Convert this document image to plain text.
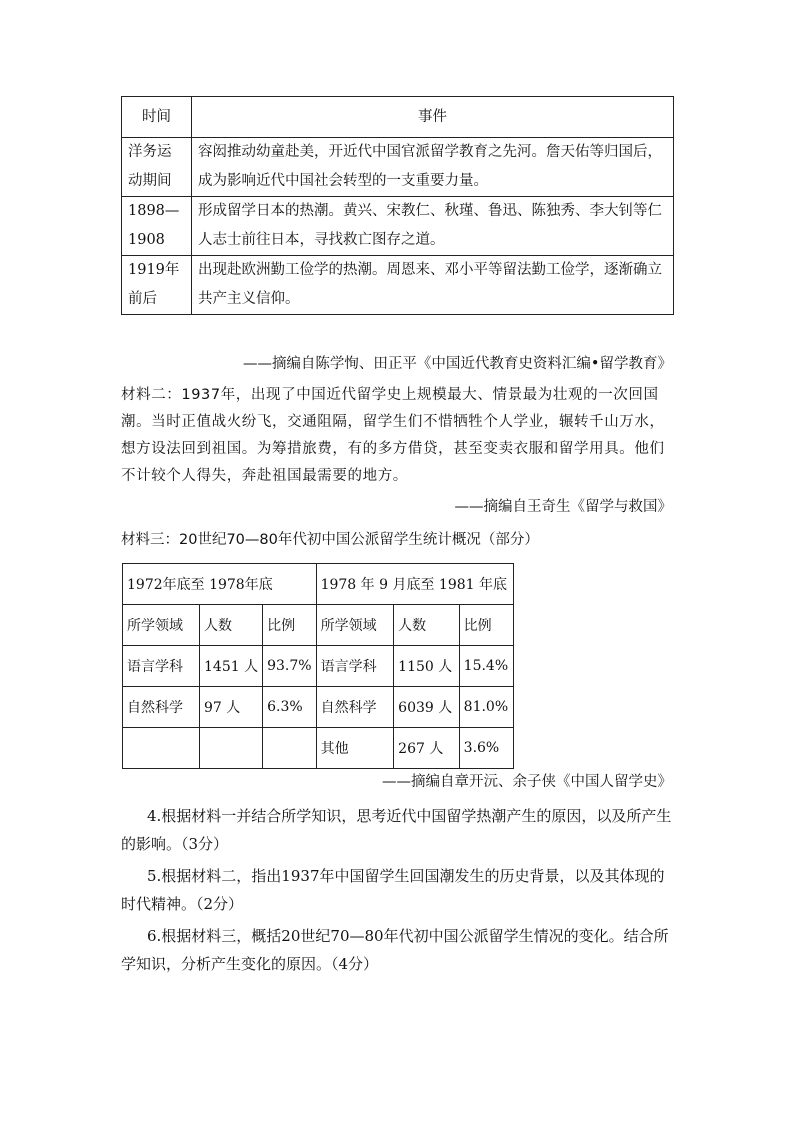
时间	事件
洋务运动期间	容闳推动幼童赴美，开近代中国官派留学教育之先河。詹天佑等归国后，成为影响近代中国社会转型的一支重要力量。
1898—1908	形成留学日本的热潮。黄兴、宋教仁、秋瑾、鲁迅、陈独秀、李大钊等仁人志士前往日本，寻找救亡图存之道。
1919年前后	出现赴欧洲勤工俭学的热潮。周恩来、邓小平等留法勤工俭学，逐渐确立共产主义信仰。
——摘编自陈学恂、田正平《中国近代教育史资料汇编•留学教育》
材料二：1937年，出现了中国近代留学史上规模最大、情景最为壮观的一次回国潮。当时正值战火纷飞，交通阻隔，留学生们不惜牺牲个人学业，辗转千山万水，想方设法回到祖国。为筹措旅费，有的多方借贷，甚至变卖衣服和留学用具。他们不计较个人得失，奔赴祖国最需要的地方。
——摘编自王奇生《留学与救国》
材料三：20世纪70—80年代初中国公派留学生统计概况（部分）
1972年底至 1978年底			1978 年 9 月底至 1981 年底		
所学领域	人数	比例	所学领域	人数	比例
语言学科	1451 人	93.7%	语言学科	1150 人	15.4%
自然科学	97 人	6.3%	自然科学	6039 人	81.0%
			其他	267 人	3.6%
——摘编自章开沅、余子侠《中国人留学史》
4.根据材料一并结合所学知识，思考近代中国留学热潮产生的原因，以及所产生的影响。（3分）
5.根据材料二，指出1937年中国留学生回国潮发生的历史背景，以及其体现的时代精神。（2分）
6.根据材料三，概括20世纪70—80年代初中国公派留学生情况的变化。结合所学知识，分析产生变化的原因。（4分）
